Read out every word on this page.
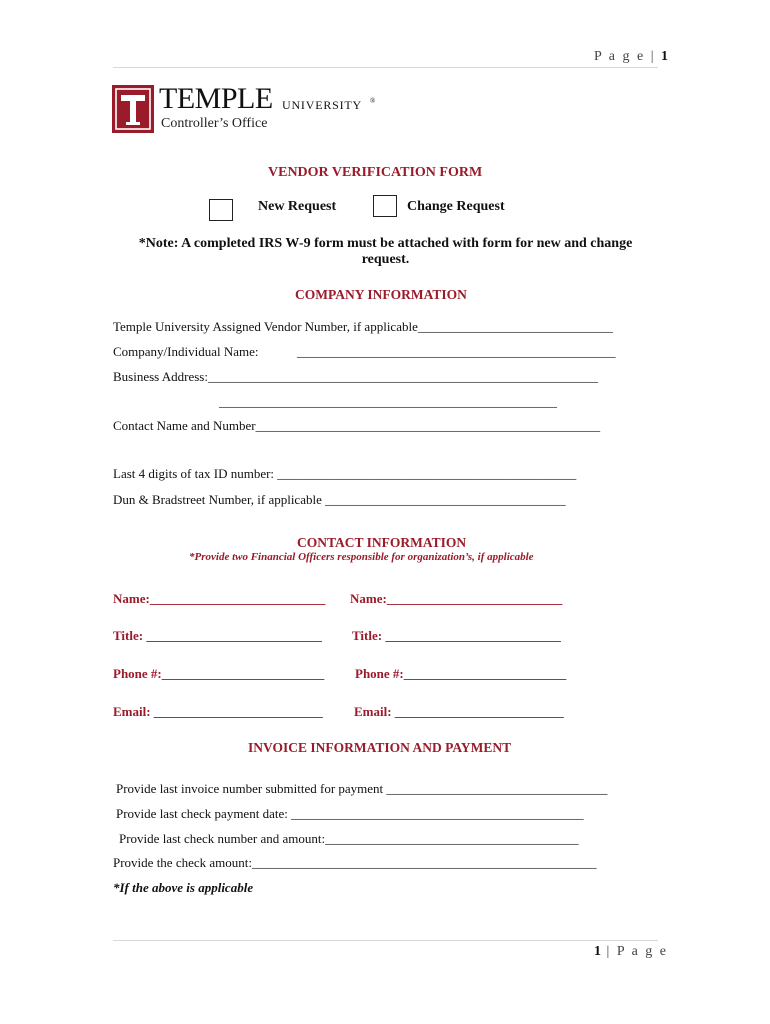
P a g e | 1
TEMPLE UNIVERSITY ®
Controller’s Office
VENDOR VERIFICATION FORM
New Request	Change Request
*Note: A completed IRS W-9 form must be attached with form for new and change
request.
COMPANY INFORMATION
Temple University Assigned Vendor Number, if applicable______________________________
Company/Individual Name:	_________________________________________________
Business Address:____________________________________________________________
____________________________________________________
Contact Name and Number_____________________________________________________
Last 4 digits of tax ID number: ______________________________________________
Dun & Bradstreet Number, if applicable _____________________________________
CONTACT INFORMATION
*Provide two Financial Officers responsible for organization’s, if applicable
Name:___________________________ Name:___________________________
Title: ___________________________ Title: ___________________________
Phone #:_________________________ Phone #:_________________________
Email: __________________________ Email: __________________________
INVOICE INFORMATION AND PAYMENT
Provide last invoice number submitted for payment __________________________________
Provide last check payment date: _____________________________________________
Provide last check number and amount:_______________________________________
Provide the check amount:_____________________________________________________
*If the above is applicable
1 | P a g e
